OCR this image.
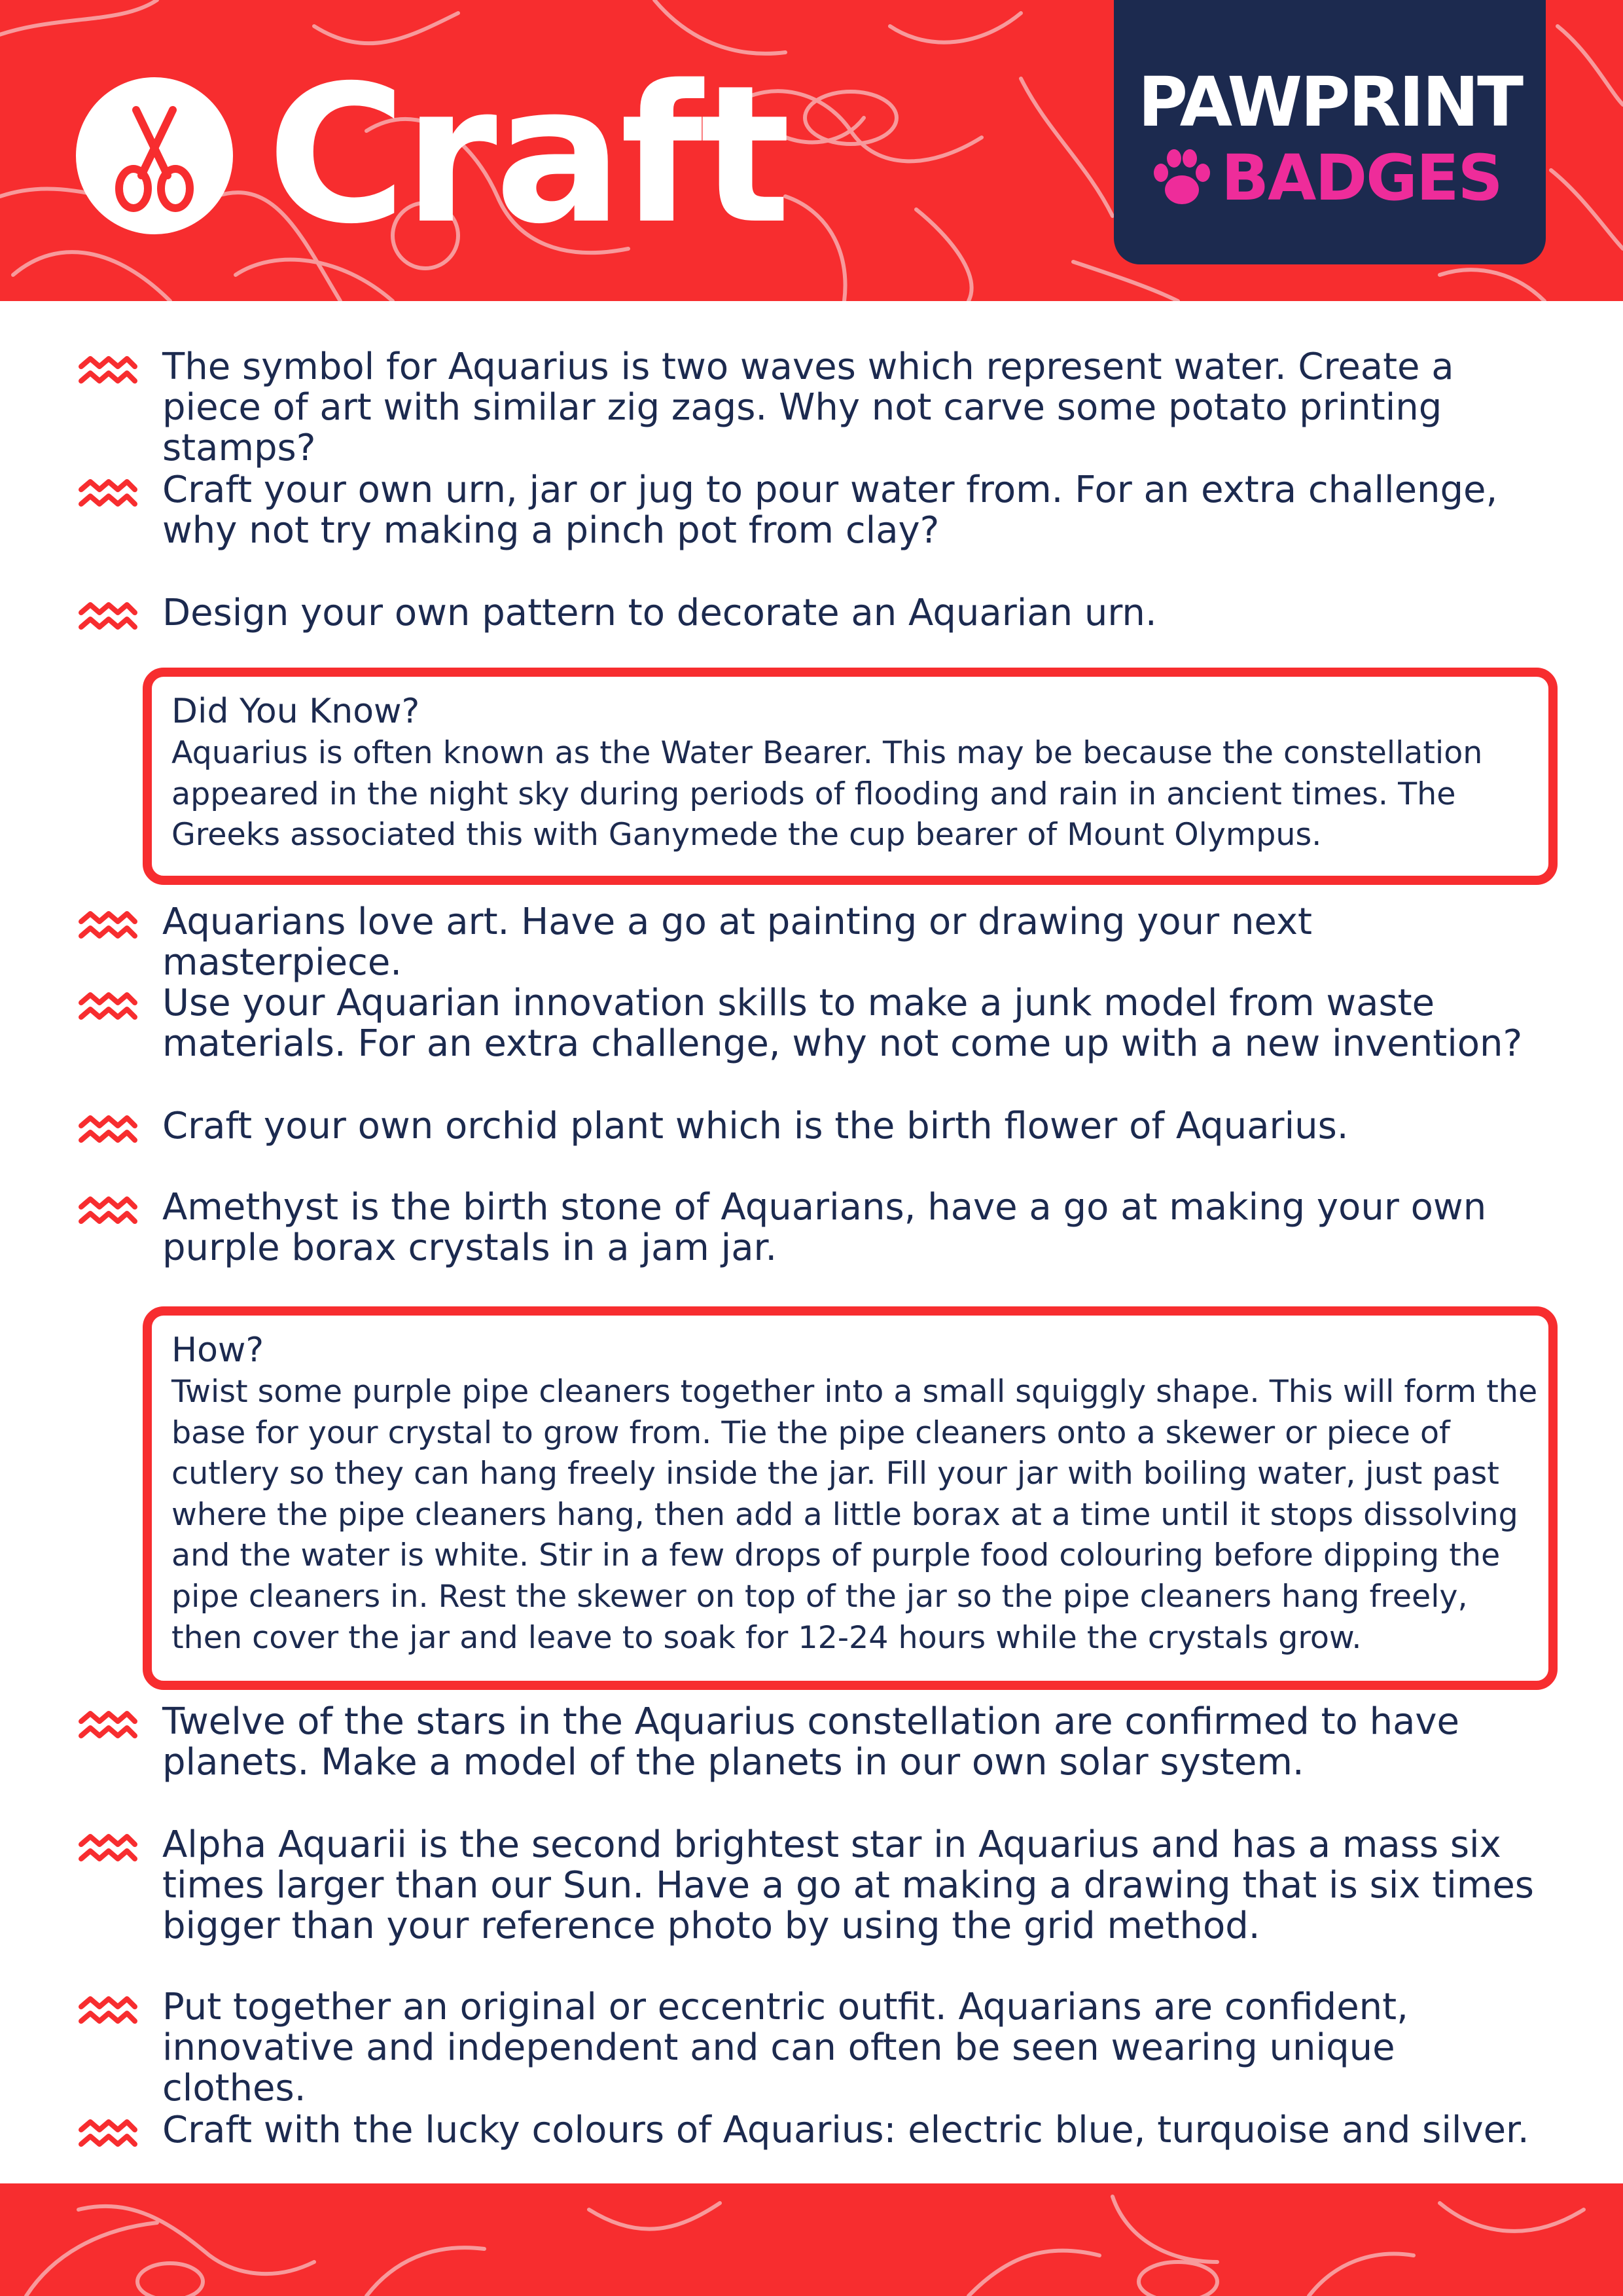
Craft	PAWPRINT
BADGES

The symbol for Aquarius is two waves which represent water. Create a piece of art with similar zig zags. Why not carve some potato printing stamps?

Craft your own urn, jar or jug to pour water from. For an extra challenge, why not try making a pinch pot from clay?

Design your own pattern to decorate an Aquarian urn.

Did You Know?

Aquarius is often known as the Water Bearer. This may be because the constellation appeared in the night sky during periods of flooding and rain in ancient times. The Greeks associated this with Ganymede the cup bearer of Mount Olympus.

Aquarians love art. Have a go at painting or drawing your next masterpiece.

Use your Aquarian innovation skills to make a junk model from waste materials. For an extra challenge, why not come up with a new invention?

Craft your own orchid plant which is the birth flower of Aquarius.

Amethyst is the birth stone of Aquarians, have a go at making your own purple borax crystals in a jam jar.

How?

Twist some purple pipe cleaners together into a small squiggly shape. This will form the base for your crystal to grow from. Tie the pipe cleaners onto a skewer or piece of cutlery so they can hang freely inside the jar. Fill your jar with boiling water, just past where the pipe cleaners hang, then add a little borax at a time until it stops dissolving and the water is white. Stir in a few drops of purple food colouring before dipping the pipe cleaners in. Rest the skewer on top of the jar so the pipe cleaners hang freely, then cover the jar and leave to soak for 12-24 hours while the crystals grow.

Twelve of the stars in the Aquarius constellation are confirmed to have planets. Make a model of the planets in our own solar system.

Alpha Aquarii is the second brightest star in Aquarius and has a mass six times larger than our Sun. Have a go at making a drawing that is six times bigger than your reference photo by using the grid method.

Put together an original or eccentric outfit. Aquarians are confident, innovative and independent and can often be seen wearing unique clothes.

Craft with the lucky colours of Aquarius: electric blue, turquoise and silver.
